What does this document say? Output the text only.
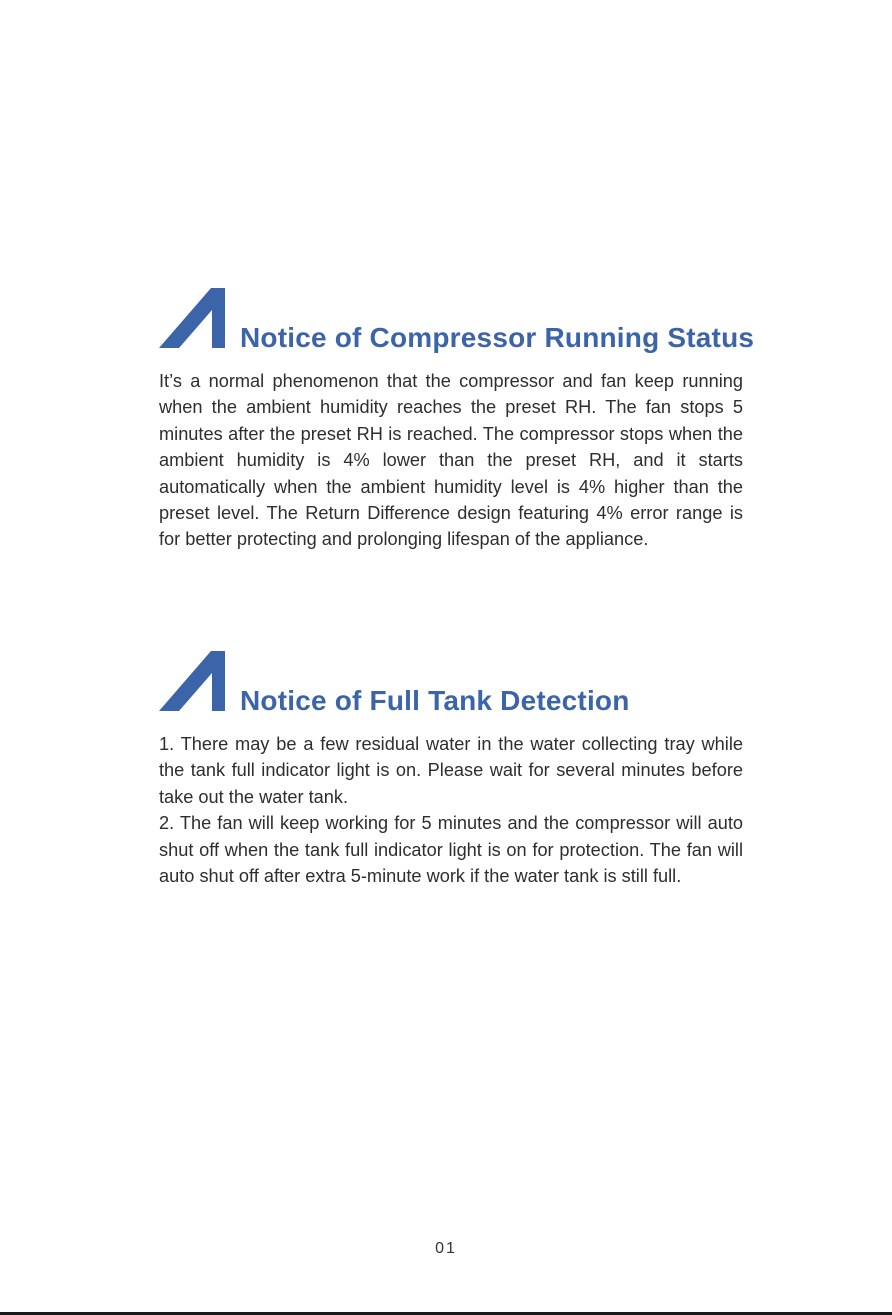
Notice of Compressor Running Status

It’s a normal phenomenon that the compressor and fan keep running when the ambient humidity reaches the preset RH. The fan stops 5 minutes after the preset RH is reached. The compressor stops when the ambient humidity is 4% lower than the preset RH, and it starts automatically when the ambient humidity level is 4% higher than the preset level. The Return Difference design featuring 4% error range is for better protecting and prolonging lifespan of the appliance.

Notice of Full Tank Detection

1. There may be a few residual water in the water collecting tray while the tank full indicator light is on. Please wait for several minutes before take out the water tank.

2. The fan will keep working for 5 minutes and the compressor will auto shut off when the tank full indicator light is on for protection. The fan will auto shut off after extra 5-minute work if the water tank is still full.

01
